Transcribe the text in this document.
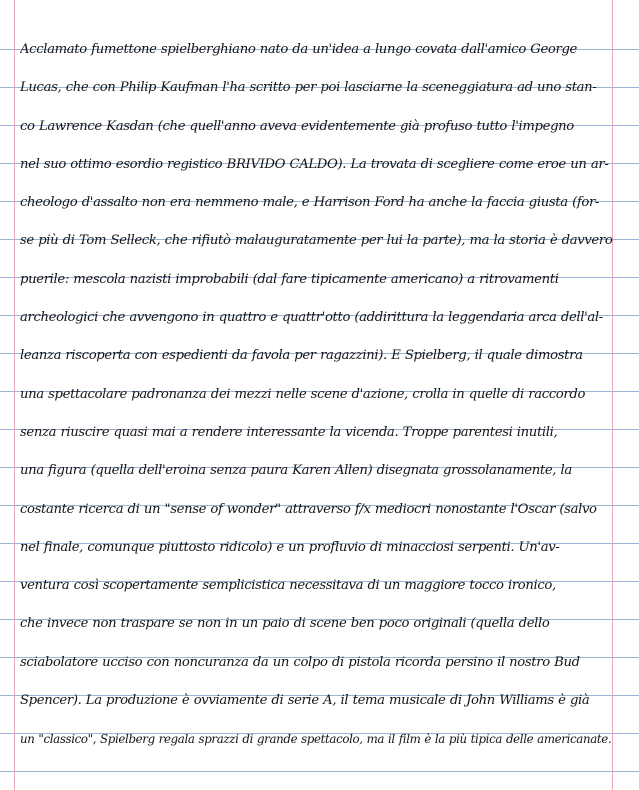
Acclamato fumettone spielberghiano nato da un'idea a lungo covata dall'amico George
Lucas, che con Philip Kaufman l'ha scritto per poi lasciarne la sceneggiatura ad uno stan-
co Lawrence Kasdan (che quell'anno aveva evidentemente già profuso tutto l'impegno
nel suo ottimo esordio registico BRIVIDO CALDO). La trovata di scegliere come eroe un ar-
cheologo d'assalto non era nemmeno male, e Harrison Ford ha anche la faccia giusta (for-
se più di Tom Selleck, che rifiutò malauguratamente per lui la parte), ma la storia è davvero
puerile: mescola nazisti improbabili (dal fare tipicamente americano) a ritrovamenti
archeologici che avvengono in quattro e quattr'otto (addirittura la leggendaria arca dell'al-
leanza riscoperta con espedienti da favola per ragazzini). E Spielberg, il quale dimostra
una spettacolare padronanza dei mezzi nelle scene d'azione, crolla in quelle di raccordo
senza riuscire quasi mai a rendere interessante la vicenda. Troppe parentesi inutili,
una figura (quella dell'eroina senza paura Karen Allen) disegnata grossolanamente, la
costante ricerca di un "sense of wonder" attraverso f/x mediocri nonostante l'Oscar (salvo
nel finale, comunque piuttosto ridicolo) e un profluvio di minacciosi serpenti. Un'av-
ventura così scopertamente semplicistica necessitava di un maggiore tocco ironico,
che invece non traspare se non in un paio di scene ben poco originali (quella dello
sciabolatore ucciso con noncuranza da un colpo di pistola ricorda persino il nostro Bud
Spencer). La produzione è ovviamente di serie A, il tema musicale di John Williams è già
un "classico", Spielberg regala sprazzi di grande spettacolo, ma il film è la più tipica delle americanate.
